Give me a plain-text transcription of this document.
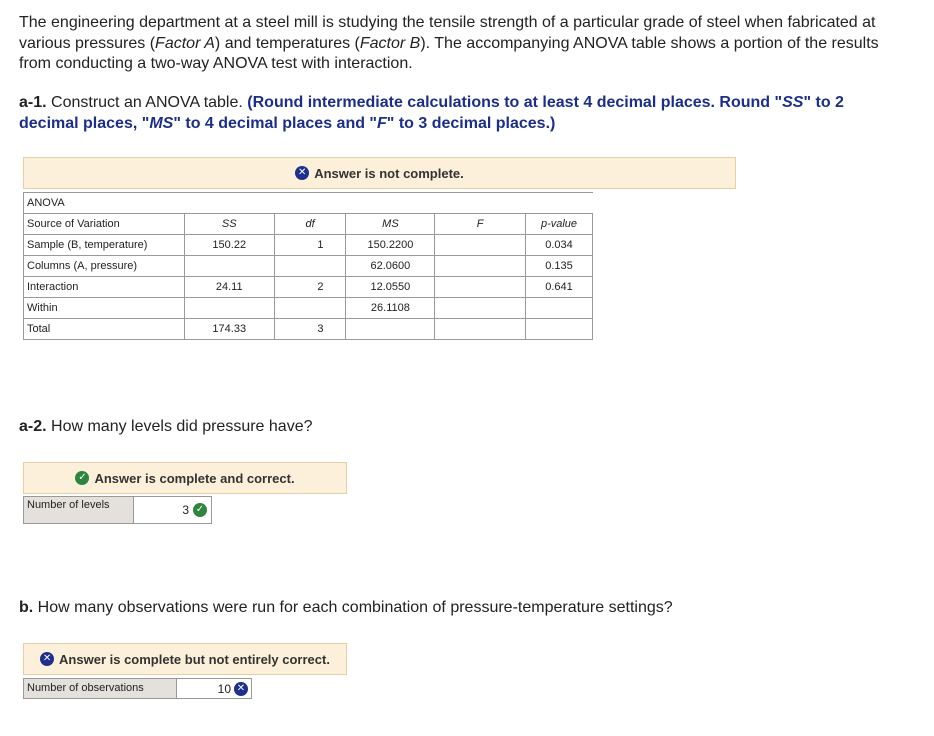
The engineering department at a steel mill is studying the tensile strength of a particular grade of steel when fabricated at various pressures (Factor A) and temperatures (Factor B). The accompanying ANOVA table shows a portion of the results from conducting a two-way ANOVA test with interaction.
a-1. Construct an ANOVA table. (Round intermediate calculations to at least 4 decimal places. Round "SS" to 2 decimal places, "MS" to 4 decimal places and "F" to 3 decimal places.)
✕ Answer is not complete.
ANOVA					
Source of Variation	SS	df	MS	F	p-value
Sample (B, temperature)	150.22	1	150.2200		0.034
Columns (A, pressure)			62.0600		0.135
Interaction	24.11	2	12.0550		0.641
Within			26.1108		
Total	174.33	3			
a-2. How many levels did pressure have?
✓ Answer is complete and correct.
Number of levels	3 ✓
b. How many observations were run for each combination of pressure-temperature settings?
✕ Answer is complete but not entirely correct.
Number of observations	10 ✕
